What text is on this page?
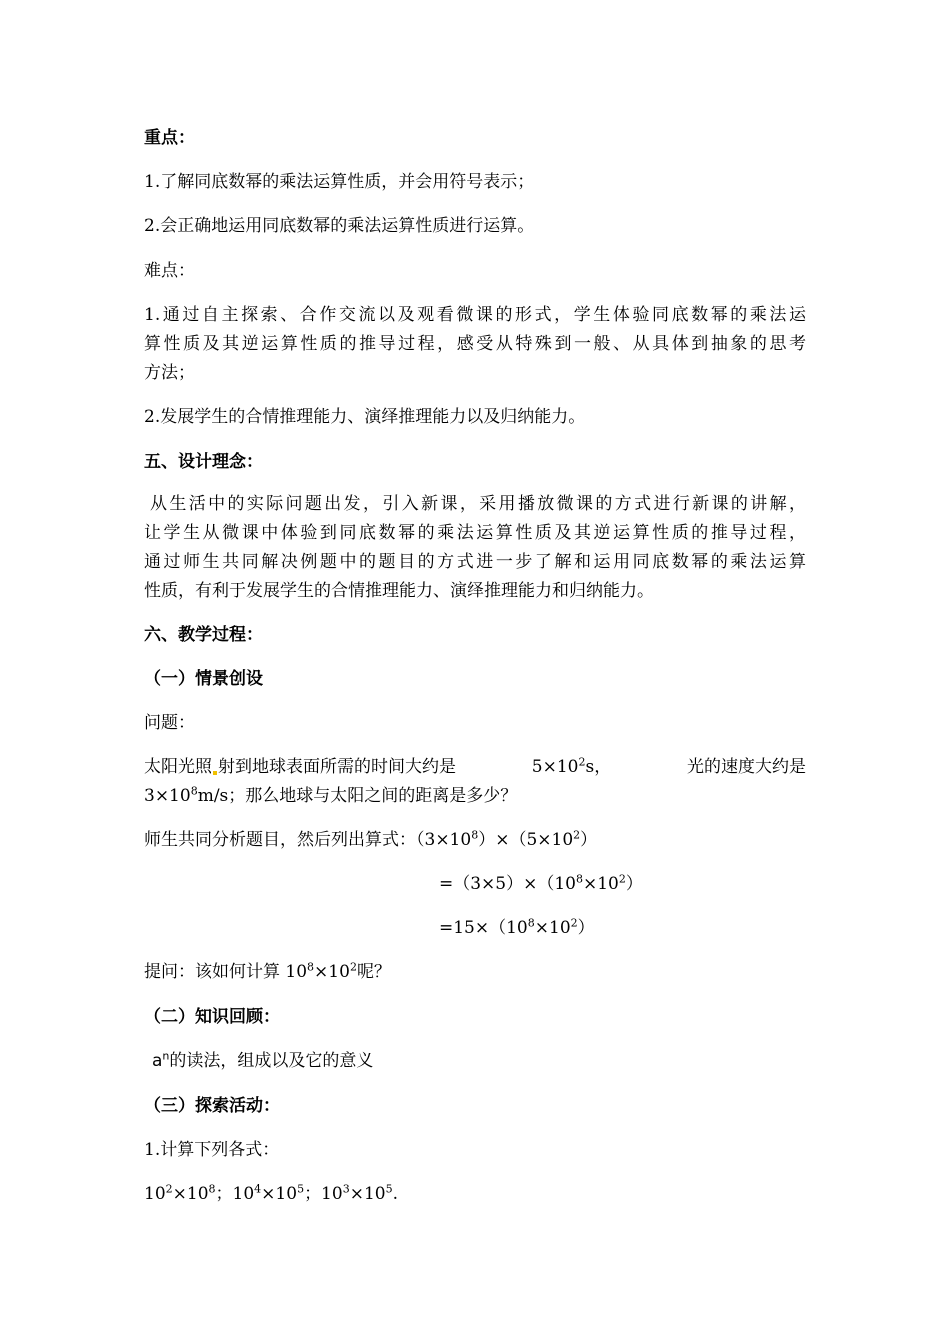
重点：
1.了解同底数幂的乘法运算性质，并会用符号表示；
2.会正确地运用同底数幂的乘法运算性质进行运算。
难点：
1.通过自主探索、合作交流以及观看微课的形式，学生体验同底数幂的乘法运
算性质及其逆运算性质的推导过程，感受从特殊到一般、从具体到抽象的思考
方法；
2.发展学生的合情推理能力、演绎推理能力以及归纳能力。
五、设计理念：
从生活中的实际问题出发，引入新课，采用播放微课的方式进行新课的讲解，
让学生从微课中体验到同底数幂的乘法运算性质及其逆运算性质的推导过程，
通过师生共同解决例题中的题目的方式进一步了解和运用同底数幂的乘法运算
性质，有利于发展学生的合情推理能力、演绎推理能力和归纳能力。
六、教学过程：
（一）情景创设
问题：
太阳光照 射到地球表面所需的时间大约是	$5\times 10^2s$，	光的速度大约是
$3\times 10^8m/s$；那么地球与太阳之间的距离是多少？
师生共同分析题目，然后列出算式：$(3\times 10^8)\times(5\times 10^2)$
$=(3\times 5)\times(10^8\times 10^2)$
$=15\times(10^8\times 10^2)$
提问：该如何计算 $10^8\times 10^2$呢？
（二）知识回顾：
$a^n$的读法，组成以及它的意义
（三）探索活动：
1.计算下列各式：
$10^2\times 10^8$；$10^4\times 10^5$；$10^3\times 10^5$.
